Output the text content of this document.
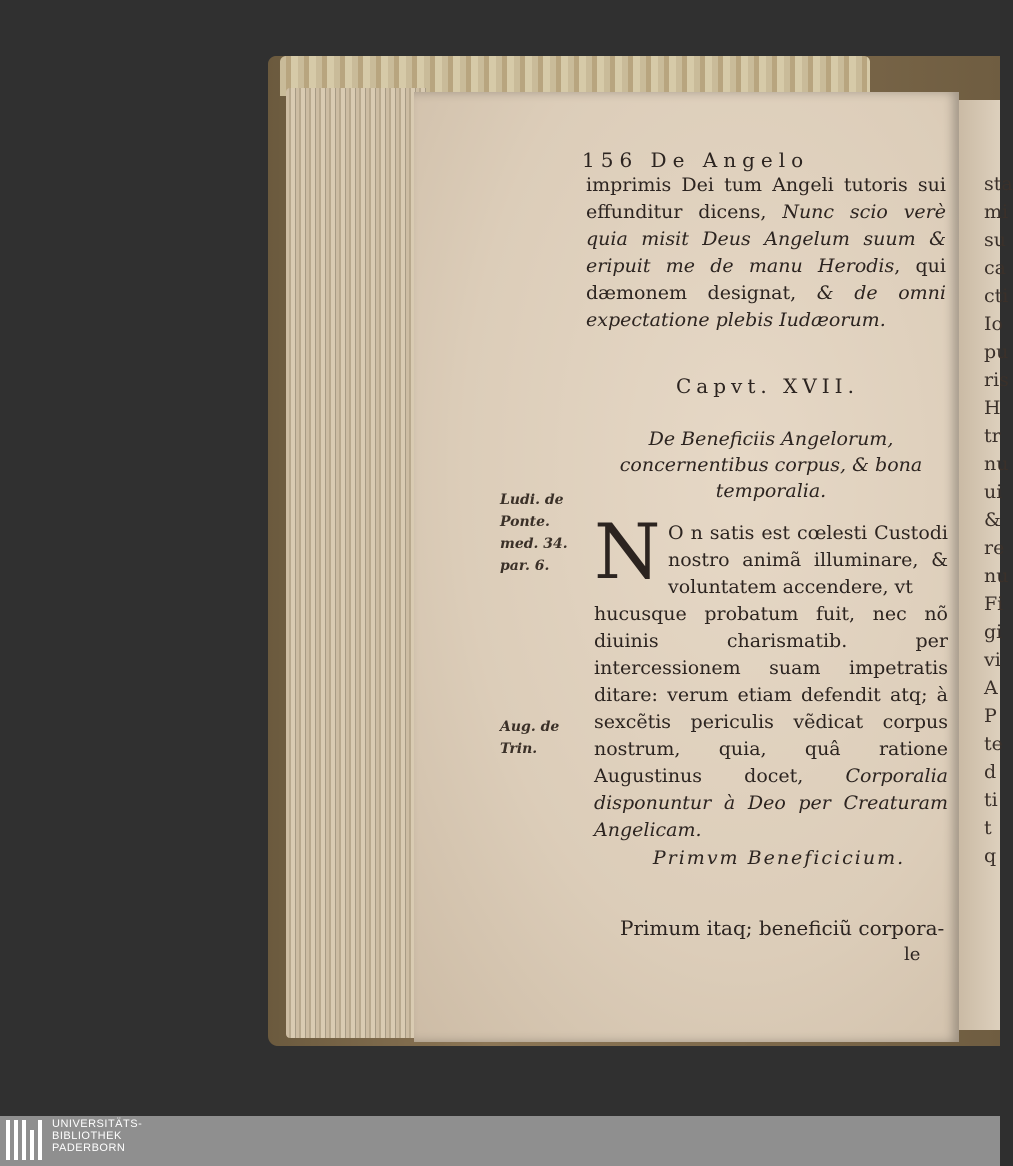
sta
mi
su
ca
cti
Io
pu
ris
H
tr
nu
ui
&
re
nu
Fi
gi
vi
A
P
te
d
ti
t
q
156 De Angelo
imprimis Dei tum Angeli tutoris sui effunditur dicens, Nunc scio verè quia misit Deus Angelum suum & eripuit me de manu Herodis, qui dæmonem designat, & de omni expectatione plebis Iudæorum.
Capvt. XVII.
De Beneficiis Angelorum, concernentibus corpus, & bona temporalia.
Ludi. de
Ponte.
med. 34.
par. 6. N O n satis est cœlesti Custodi nostro animã illuminare, & voluntatem accendere, vt
hucusque probatum fuit, nec nõ diuinis charismatib. per intercessionem suam impetratis ditare: verum etiam defendit atq; à sexcẽtis periculis vẽdicat corpus nostrum, quia, quâ ratione Augustinus docet, Corporalia disponuntur à Deo per Creaturam Angelicam.
Aug. de
Trin.
Primvm Beneficicium.
Primum itaq; beneficiũ corpora-
le
UNIVERSITÄTS-
BIBLIOTHEK
PADERBORN
